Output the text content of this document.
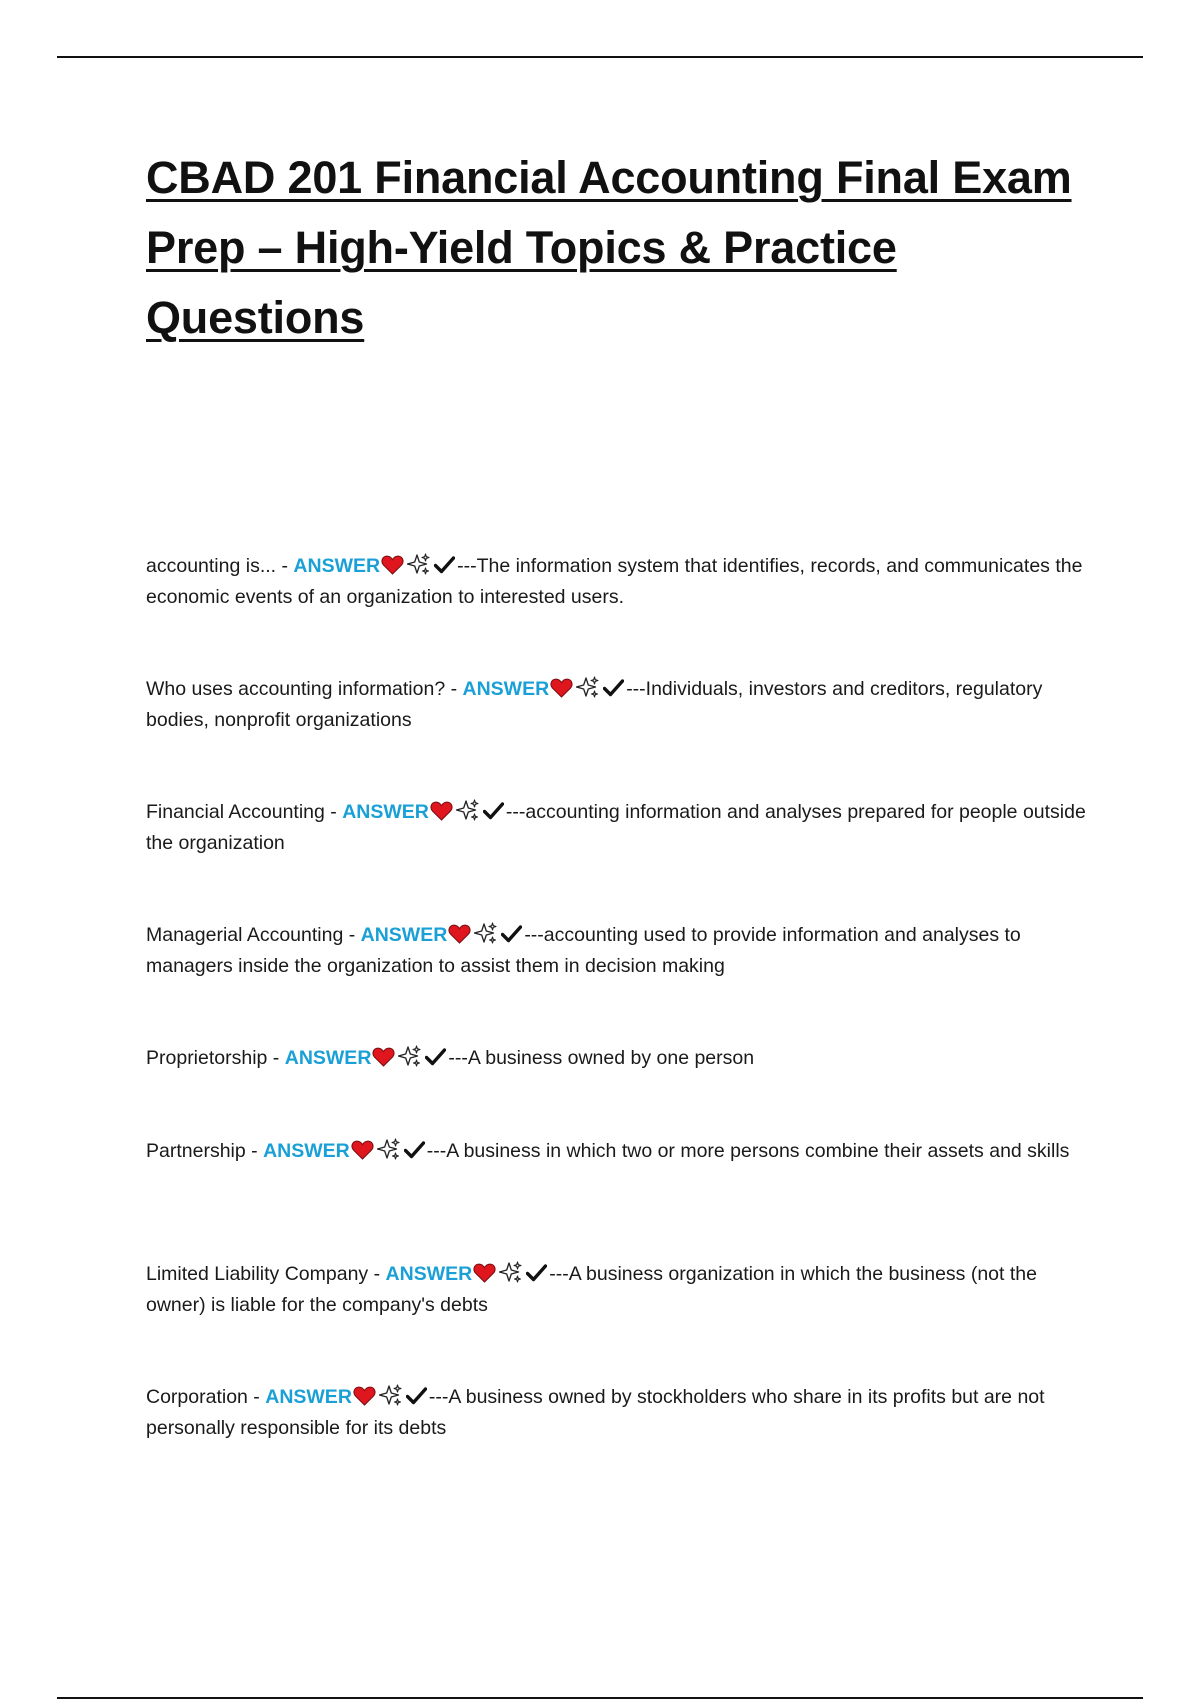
CBAD 201 Financial Accounting Final Exam Prep – High-Yield Topics & Practice Questions
accounting is... - ANSWER	---The information system that identifies, records, and communicates the economic events of an organization to interested users.
Who uses accounting information? - ANSWER	---Individuals, investors and creditors, regulatory bodies, nonprofit organizations
Financial Accounting - ANSWER	---accounting information and analyses prepared for people outside the organization
Managerial Accounting - ANSWER	---accounting used to provide information and analyses to managers inside the organization to assist them in decision making
Proprietorship - ANSWER	---A business owned by one person
Partnership - ANSWER	---A business in which two or more persons combine their assets and skills
Limited Liability Company - ANSWER	---A business organization in which the business (not the owner) is liable for the company's debts
Corporation - ANSWER	---A business owned by stockholders who share in its profits but are not personally responsible for its debts
